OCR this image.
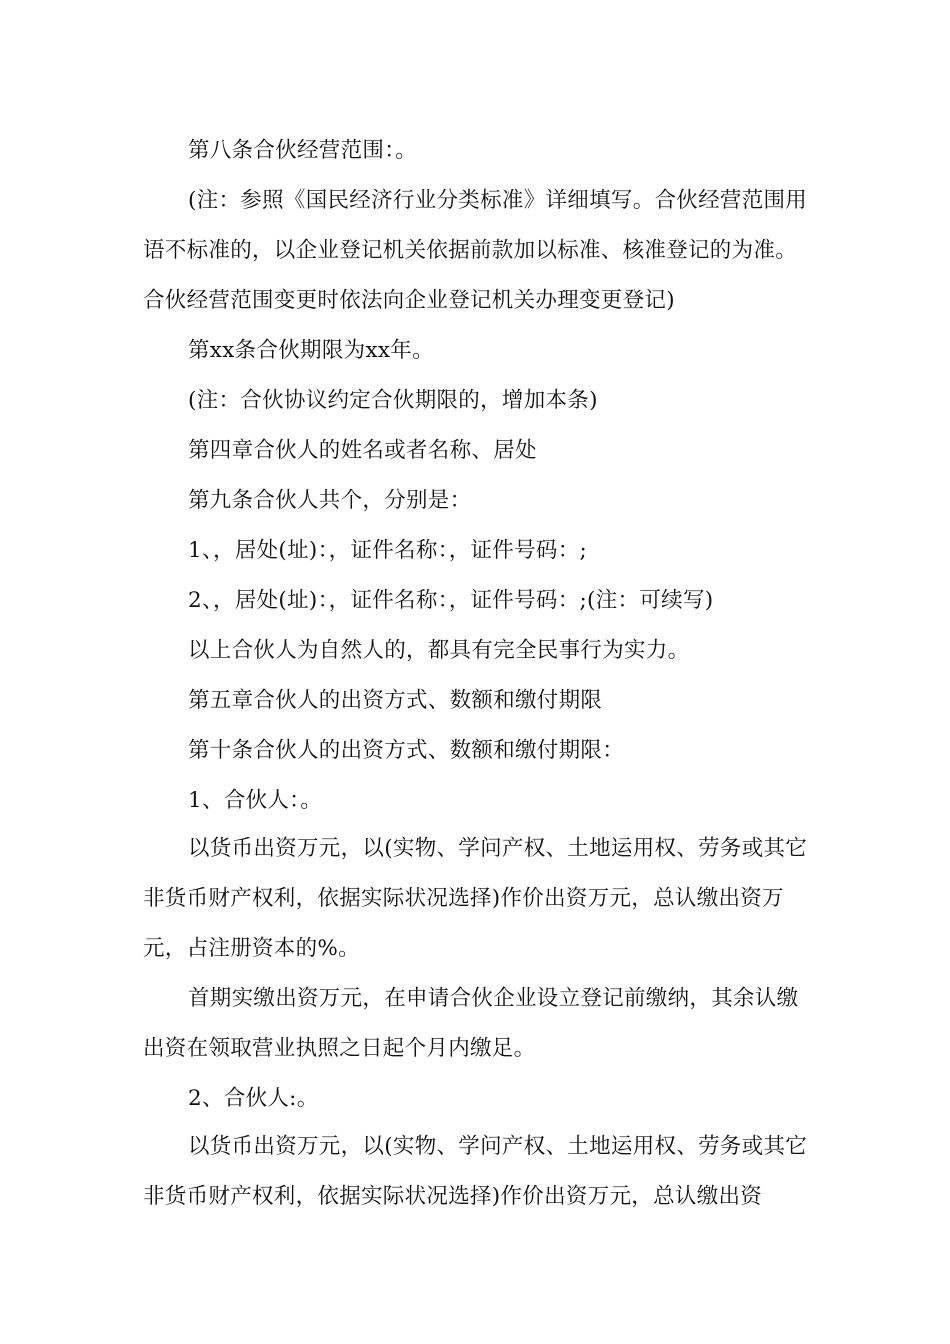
第八条合伙经营范围：。

(注：参照《国民经济行业分类标准》详细填写。合伙经营范围用语不标准的，以企业登记机关依据前款加以标准、核准登记的为准。合伙经营范围变更时依法向企业登记机关办理变更登记)

第xx条合伙期限为xx年。

(注：合伙协议约定合伙期限的，增加本条)

第四章合伙人的姓名或者名称、居处

第九条合伙人共个，分别是：

1、，居处(址)：，证件名称：，证件号码：;

2、，居处(址)：，证件名称：，证件号码：;(注：可续写)

以上合伙人为自然人的，都具有完全民事行为实力。

第五章合伙人的出资方式、数额和缴付期限

第十条合伙人的出资方式、数额和缴付期限：

1、合伙人：。

以货币出资万元，以(实物、学问产权、土地运用权、劳务或其它非货币财产权利，依据实际状况选择)作价出资万元，总认缴出资万元，占注册资本的%。

首期实缴出资万元，在申请合伙企业设立登记前缴纳，其余认缴出资在领取营业执照之日起个月内缴足。

2、合伙人:。

以货币出资万元，以(实物、学问产权、土地运用权、劳务或其它非货币财产权利，依据实际状况选择)作价出资万元，总认缴出资
